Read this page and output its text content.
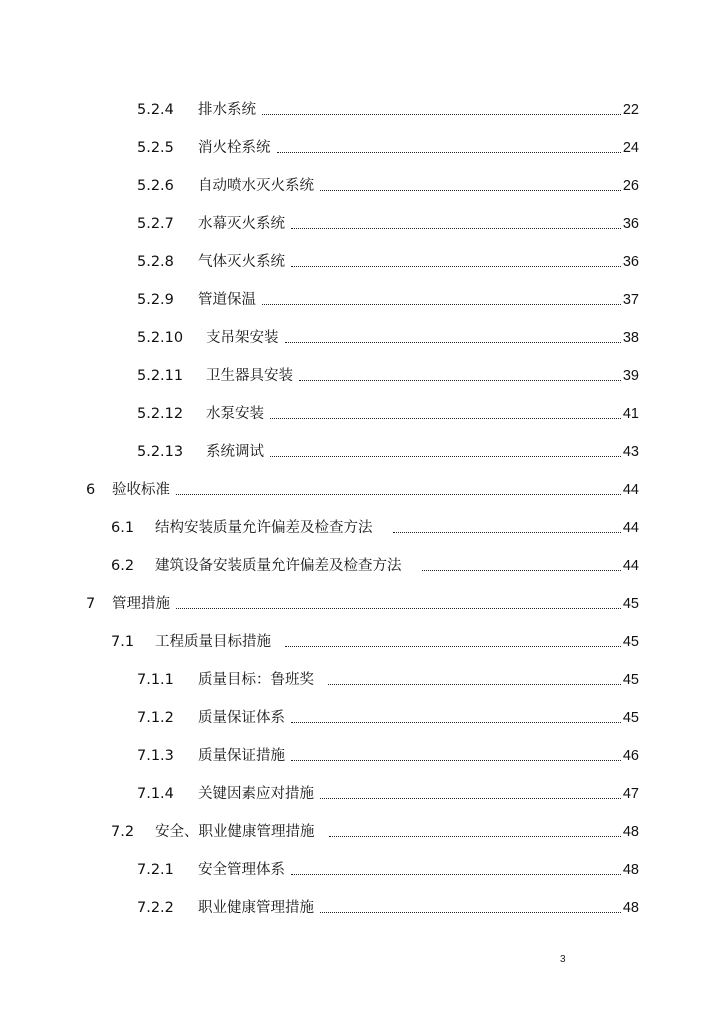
5.2.4	排水系统	22
5.2.5	消火栓系统	24
5.2.6	自动喷水灭火系统	26
5.2.7	水幕灭火系统	36
5.2.8	气体灭火系统	36
5.2.9	管道保温	37
5.2.10	支吊架安装	38
5.2.11	卫生器具安装	39
5.2.12	水泵安装	41
5.2.13	系统调试	43
6	验收标准	44
6.1	结构安装质量允许偏差及检查方法	44
6.2	建筑设备安装质量允许偏差及检查方法	44
7	管理措施	45
7.1	工程质量目标措施	45
7.1.1	质量目标：鲁班奖	45
7.1.2	质量保证体系	45
7.1.3	质量保证措施	46
7.1.4	关键因素应对措施	47
7.2	安全、职业健康管理措施	48
7.2.1	安全管理体系	48
7.2.2	职业健康管理措施	48
3
